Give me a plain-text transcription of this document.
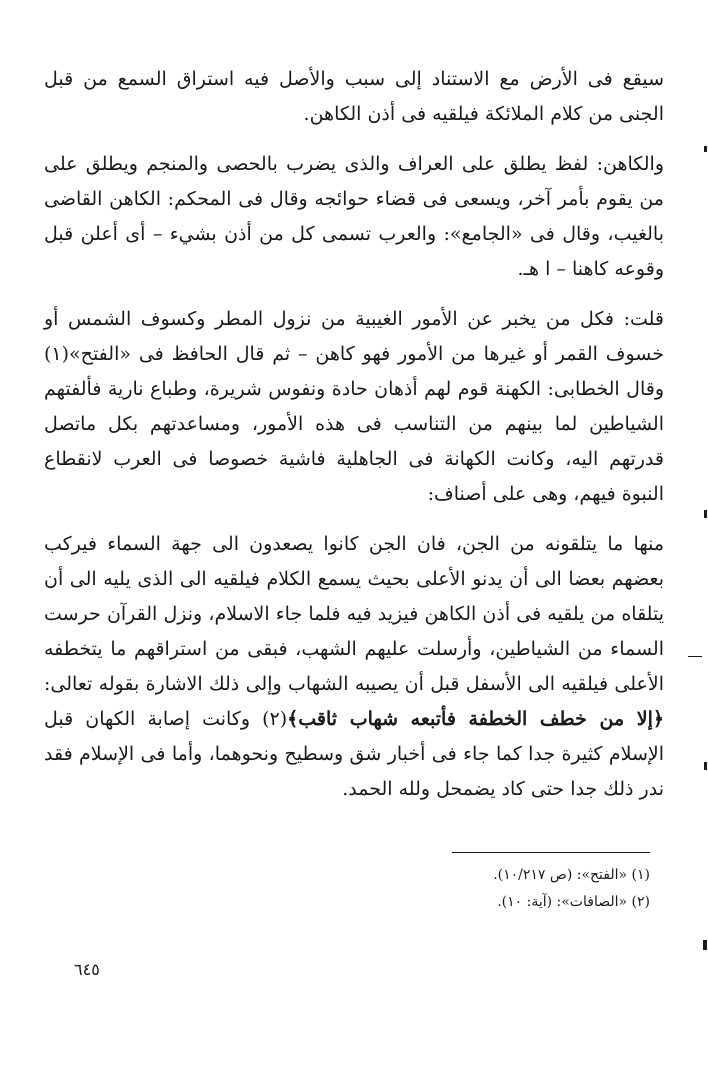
سيقع فى الأرض مع الاستناد إلى سبب والأصل فيه استراق السمع من قبل الجنى من كلام الملائكة فيلقيه فى أذن الكاهن.

والكاهن: لفظ يطلق على العراف والذى يضرب بالحصى والمنجم ويطلق على من يقوم بأمر آخر، ويسعى فى قضاء حوائجه وقال فى المحكم: الكاهن القاضى بالغيب، وقال فى «الجامع»: والعرب تسمى كل من أذن بشيء – أى أعلن قبل وقوعه كاهنا – ا هـ.

قلت: فكل من يخبر عن الأمور الغيبية من نزول المطر وكسوف الشمس أو خسوف القمر أو غيرها من الأمور فهو كاهن – ثم قال الحافظ فى «الفتح»(١) وقال الخطابى: الكهنة قوم لهم أذهان حادة ونفوس شريرة، وطباع نارية فألفتهم الشياطين لما بينهم من التناسب فى هذه الأمور، ومساعدتهم بكل ماتصل قدرتهم اليه، وكانت الكهانة فى الجاهلية فاشية خصوصا فى العرب لانقطاع النبوة فيهم، وهى على أصناف:

منها ما يتلقونه من الجن، فان الجن كانوا يصعدون الى جهة السماء فيركب بعضهم بعضا الى أن يدنو الأعلى بحيث يسمع الكلام فيلقيه الى الذى يليه الى أن يتلقاه من يلقيه فى أذن الكاهن فيزيد فيه فلما جاء الاسلام، ونزل القرآن حرست السماء من الشياطين، وأرسلت عليهم الشهب، فبقى من استراقهم ما يتخطفه الأعلى فيلقيه الى الأسفل قبل أن يصيبه الشهاب وإلى ذلك الاشارة بقوله تعالى: ﴿إلا من خطف الخطفة فأتبعه شهاب ثاقب﴾(٢) وكانت إصابة الكهان قبل الإسلام كثيرة جدا كما جاء فى أخبار شق وسطيح ونحوهما، وأما فى الإسلام فقد ندر ذلك جدا حتى كاد يضمحل ولله الحمد.

(١) «الفتح»: (ص ١٠/٢١٧).

(٢) «الصافات»: (آية: ١٠).

٦٤٥
